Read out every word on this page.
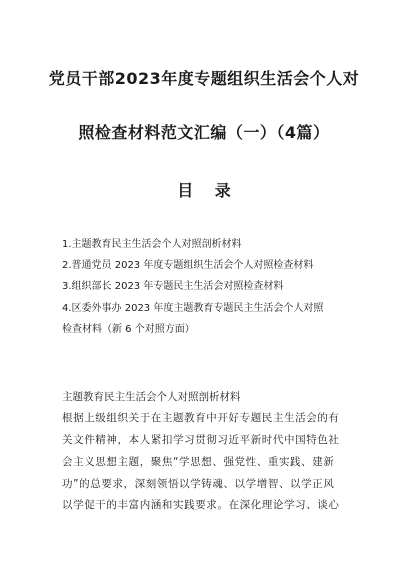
党员干部2023年度专题组织生活会个人对
照检查材料范文汇编（一）（4篇）
目 录
1.主题教育民主生活会个人对照剖析材料
2.普通党员 2023 年度专题组织生活会个人对照检查材料
3.组织部长 2023 年专题民主生活会对照检查材料
4.区委外事办 2023 年度主题教育专题民主生活会个人对照
检查材料（新 6 个对照方面）
主题教育民主生活会个人对照剖析材料
根据上级组织关于在主题教育中开好专题民主生活会的有
关文件精神，本人紧扣学习贯彻习近平新时代中国特色社
会主义思想主题，聚焦“学思想、强党性、重实践、建新
功”的总要求，深刻领悟以学铸魂、以学增智、以学正风
以学促干的丰富内涵和实践要求。在深化理论学习、谈心
